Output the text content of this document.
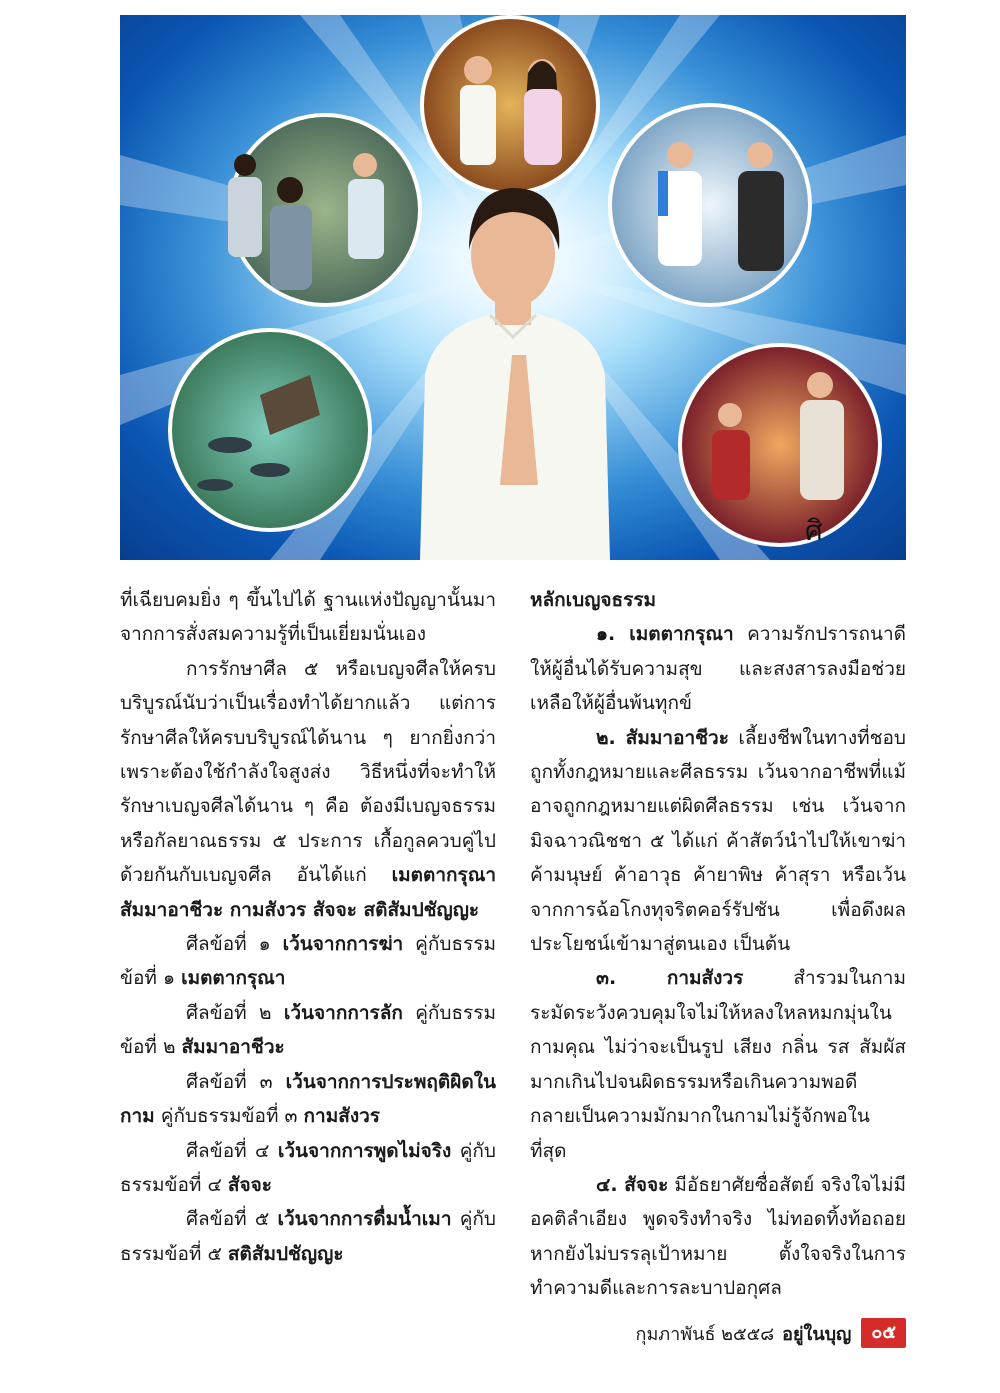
ศิ

ที่เฉียบคมยิ่ง ๆ ขึ้นไปได้ ฐานแห่งปัญญานั้นมาจากการสั่งสมความรู้ที่เป็นเยี่ยมนั่นเอง

การรักษาศีล ๕ หรือเบญจศีลให้ครบบริบูรณ์นับว่าเป็นเรื่องทำได้ยากแล้ว แต่การรักษาศีลให้ครบบริบูรณ์ได้นาน ๆ ยากยิ่งกว่า เพราะต้องใช้กำลังใจสูงส่ง วิธีหนึ่งที่จะทำให้รักษาเบญจศีลได้นาน ๆ คือ ต้องมีเบญจธรรมหรือกัลยาณธรรม ๕ ประการ เกื้อกูลควบคู่ไปด้วยกันกับเบญจศีล อันได้แก่ เมตตากรุณา สัมมาอาชีวะ กามสังวร สัจจะ สติสัมปชัญญะ

ศีลข้อที่ ๑ เว้นจากการฆ่า คู่กับธรรมข้อที่ ๑ เมตตากรุณา

ศีลข้อที่ ๒ เว้นจากการลัก คู่กับธรรมข้อที่ ๒ สัมมาอาชีวะ

ศีลข้อที่ ๓ เว้นจากการประพฤติผิดในกาม คู่กับธรรมข้อที่ ๓ กามสังวร

ศีลข้อที่ ๔ เว้นจากการพูดไม่จริง คู่กับธรรมข้อที่ ๔ สัจจะ

ศีลข้อที่ ๕ เว้นจากการดื่มน้ำเมา คู่กับธรรมข้อที่ ๕ สติสัมปชัญญะ

หลักเบญจธรรม

๑. เมตตากรุณา ความรักปรารถนาดีให้ผู้อื่นได้รับความสุข และสงสารลงมือช่วยเหลือให้ผู้อื่นพ้นทุกข์

๒. สัมมาอาชีวะ เลี้ยงชีพในทางที่ชอบถูกทั้งกฎหมายและศีลธรรม เว้นจากอาชีพที่แม้อาจถูกกฎหมายแต่ผิดศีลธรรม เช่น เว้นจากมิจฉาวณิชชา ๕ ได้แก่ ค้าสัตว์นำไปให้เขาฆ่า ค้ามนุษย์ ค้าอาวุธ ค้ายาพิษ ค้าสุรา หรือเว้นจากการฉ้อโกงทุจริตคอร์รัปชัน เพื่อดึงผลประโยชน์เข้ามาสู่ตนเอง เป็นต้น

๓. กามสังวร สำรวมในกาม ระมัดระวังควบคุมใจไม่ให้หลงใหลหมกมุ่นในกามคุณ ไม่ว่าจะเป็นรูป เสียง กลิ่น รส สัมผัสมากเกินไปจนผิดธรรมหรือเกินความพอดี กลายเป็นความมักมากในกามไม่รู้จักพอในที่สุด

๔. สัจจะ มีอัธยาศัยซื่อสัตย์ จริงใจไม่มีอคติลำเอียง พูดจริงทำจริง ไม่ทอดทิ้งท้อถอยหากยังไม่บรรลุเป้าหมาย ตั้งใจจริงในการทำความดีและการละบาปอกุศล

กุมภาพันธ์ ๒๕๕๘ อยู่ในบุญ	๐๕
